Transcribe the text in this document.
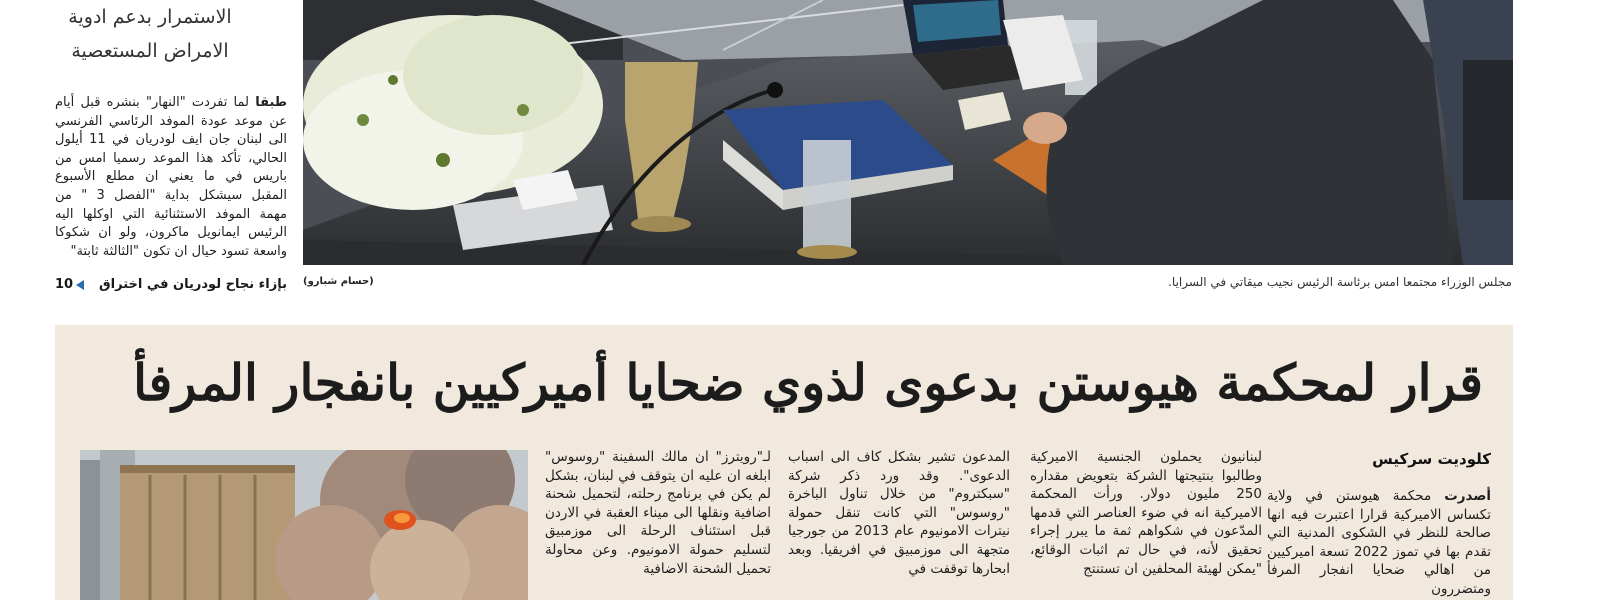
الاستمرار بدعم ادوية
الامراض المستعصية
طبقا لما تفردت "النهار" بنشره قبل أيام عن موعد عودة الموفد الرئاسي الفرنسي الى لبنان جان ايف لودريان في 11 أيلول الحالي، تأكد هذا الموعد رسميا امس من باريس في ما يعني ان مطلع الأسبوع المقبل سيشكل بداية "الفصل 3 " من مهمة الموفد الاستثنائية التي اوكلها اليه الرئيس ايمانويل ماكرون، ولو ان شكوكا واسعة تسود حيال ان تكون "الثالثة ثابتة"
بإزاء نجاح لودريان في اختراق
10	(حسام شبارو)	مجلس الوزراء مجتمعا امس برئاسة الرئيس نجيب ميقاتي في السرايا.
قرار لمحكمة هيوستن بدعوى لذوي ضحايا أميركيين بانفجار المرفأ
كلوديت سركيس
أصدرت محكمة هيوستن في ولاية تكساس الاميركية قرارا اعتبرت فيه انها صالحة للنظر في الشكوى المدنية التي تقدم بها في تموز 2022 تسعة اميركيين من اهالي ضحايا انفجار المرفأ ومتضررون
لبنانيون يحملون الجنسية الاميركية وطالبوا بنتيجتها الشركة بتعويض مقداره 250 مليون دولار. ورأت المحكمة الاميركية انه في ضوء العناصر التي قدمها المدّعون في شكواهم ثمة ما يبرر إجراء تحقيق لأنه، في حال تم اثبات الوقائع، "يمكن لهيئة المحلفين ان تستنتج
المدعون تشير بشكل كاف الى اسباب الدعوى". وقد ورد ذكر شركة "سبكتروم" من خلال تناول الباخرة "روسوس" التي كانت تنقل حمولة نيترات الامونيوم عام 2013 من جورجيا متجهة الى موزمبيق في افريقيا. وبعد ابحارها توقفت في
لـ"رويترز" ان مالك السفينة "روسوس" ابلغه ان عليه ان يتوقف في لبنان، بشكل لم يكن في برنامج رحلته، لتحميل شحنة اضافية ونقلها الى ميناء العقبة في الاردن قبل استئناف الرحلة الى موزمبيق لتسليم حمولة الامونيوم. وعن محاولة تحميل الشحنة الاضافية
